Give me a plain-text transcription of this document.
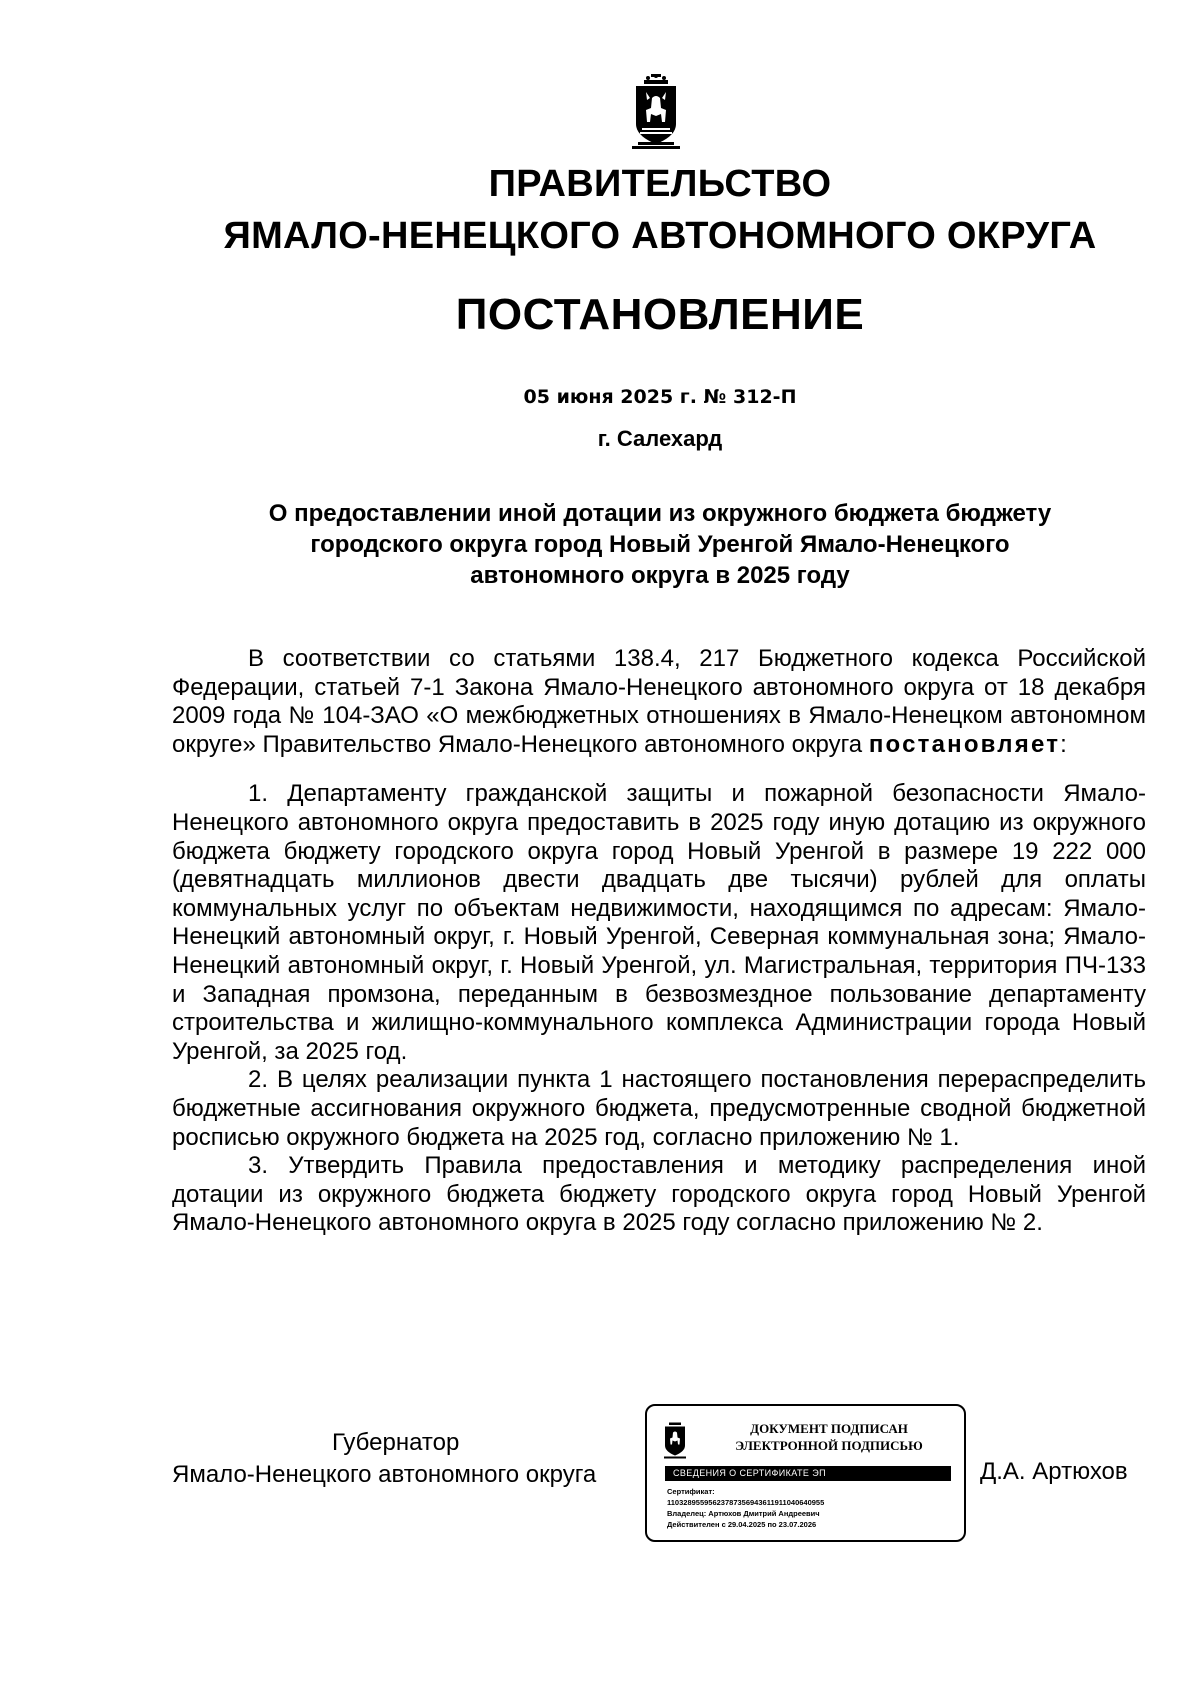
ПРАВИТЕЛЬСТВО
ЯМАЛО-НЕНЕЦКОГО АВТОНОМНОГО ОКРУГА
ПОСТАНОВЛЕНИЕ
05 июня 2025 г. № 312-П
г. Салехард
О предоставлении иной дотации из окружного бюджета бюджету
городского округа город Новый Уренгой Ямало-Ненецкого
автономного округа в 2025 году

В соответствии со статьями 138.4, 217 Бюджетного кодекса Российской Федерации, статьей 7-1 Закона Ямало-Ненецкого автономного округа от 18 декабря 2009 года № 104-ЗАО «О межбюджетных отношениях в Ямало-Ненецком автономном округе» Правительство Ямало-Ненецкого автономного округа постановляет:

1. Департаменту гражданской защиты и пожарной безопасности Ямало-Ненецкого автономного округа предоставить в 2025 году иную дотацию из окружного бюджета бюджету городского округа город Новый Уренгой в размере 19 222 000 (девятнадцать миллионов двести двадцать две тысячи) рублей для оплаты коммунальных услуг по объектам недвижимости, находящимся по адресам: Ямало-Ненецкий автономный округ, г. Новый Уренгой, Северная коммунальная зона; Ямало-Ненецкий автономный округ, г. Новый Уренгой, ул. Магистральная, территория ПЧ-133 и Западная промзона, переданным в безвозмездное пользование департаменту строительства и жилищно-коммунального комплекса Администрации города Новый Уренгой, за 2025 год.

2. В целях реализации пункта 1 настоящего постановления перераспределить бюджетные ассигнования окружного бюджета, предусмотренные сводной бюджетной росписью окружного бюджета на 2025 год, согласно приложению № 1.

3. Утвердить Правила предоставления и методику распределения иной дотации из окружного бюджета бюджету городского округа город Новый Уренгой Ямало-Ненецкого автономного округа в 2025 году согласно приложению № 2.

Губернатор
Ямало-Ненецкого автономного округа
ДОКУМЕНТ ПОДПИСАН
ЭЛЕКТРОННОЙ ПОДПИСЬЮ
СВЕДЕНИЯ О СЕРТИФИКАТЕ ЭП
Сертификат:
11032895595623787356943611911040640955
Владелец: Артюхов Дмитрий Андреевич
Действителен с 29.04.2025 по 23.07.2026
Д.А. Артюхов
